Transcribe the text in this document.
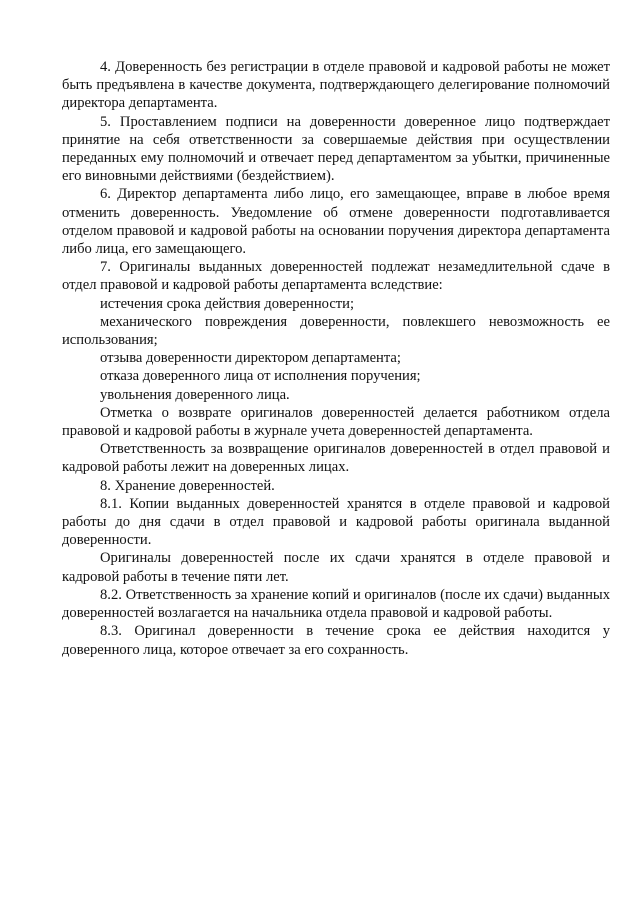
4. Доверенность без регистрации в отделе правовой и кадровой работы не может быть предъявлена в качестве документа, подтверждающего делегирование полномочий директора департамента.

5. Проставлением подписи на доверенности доверенное лицо подтверждает принятие на себя ответственности за совершаемые действия при осуществлении переданных ему полномочий и отвечает перед департаментом за убытки, причиненные его виновными действиями (бездействием).

6. Директор департамента либо лицо, его замещающее, вправе в любое время отменить доверенность. Уведомление об отмене доверенности подготавливается отделом правовой и кадровой работы на основании поручения директора департамента либо лица, его замещающего.

7. Оригиналы выданных доверенностей подлежат незамедлительной сдаче в отдел правовой и кадровой работы департамента вследствие:

истечения срока действия доверенности;

механического повреждения доверенности, повлекшего невозможность ее использования;

отзыва доверенности директором департамента;

отказа доверенного лица от исполнения поручения;

увольнения доверенного лица.

Отметка о возврате оригиналов доверенностей делается работником отдела правовой и кадровой работы в журнале учета доверенностей департамента.

Ответственность за возвращение оригиналов доверенностей в отдел правовой и кадровой работы лежит на доверенных лицах.

8. Хранение доверенностей.

8.1. Копии выданных доверенностей хранятся в отделе правовой и кадровой работы до дня сдачи в отдел правовой и кадровой работы оригинала выданной доверенности.

Оригиналы доверенностей после их сдачи хранятся в отделе правовой и кадровой работы в течение пяти лет.

8.2. Ответственность за хранение копий и оригиналов (после их сдачи) выданных доверенностей возлагается на начальника отдела правовой и кадровой работы.

8.3. Оригинал доверенности в течение срока ее действия находится у доверенного лица, которое отвечает за его сохранность.
